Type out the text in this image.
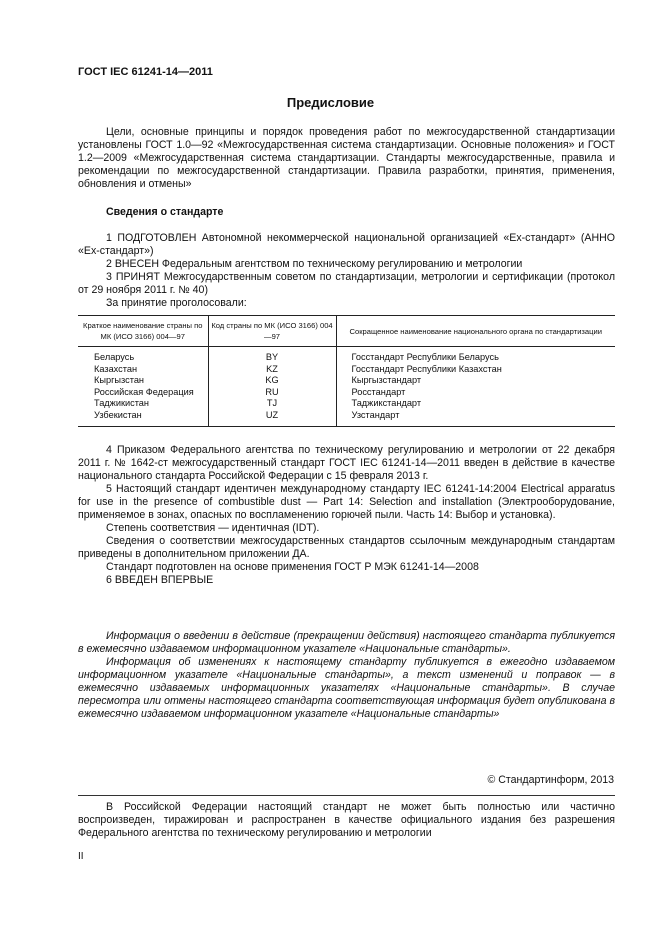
ГОСТ IEC 61241-14—2011
Предисловие

Цели, основные принципы и порядок проведения работ по межгосударственной стандартизации установлены ГОСТ 1.0—92 «Межгосударственная система стандартизации. Основные положения» и ГОСТ 1.2—2009 «Межгосударственная система стандартизации. Стандарты межгосударственные, правила и рекомендации по межгосударственной стандартизации. Правила разработки, принятия, применения, обновления и отмены»

Сведения о стандарте

1 ПОДГОТОВЛЕН Автономной некоммерческой национальной организацией «Ех-стандарт» (АННО «Ех-стандарт»)

2 ВНЕСЕН Федеральным агентством по техническому регулированию и метрологии

3 ПРИНЯТ Межгосударственным советом по стандартизации, метрологии и сертификации (протокол от 29 ноября 2011 г. № 40)

За принятие проголосовали:

Краткое наименование страны по МК (ИСО 3166) 004—97	Код страны по МК (ИСО 3166) 004—97	Сокращенное наименование национального органа по стандартизации
Беларусь	BY	Госстандарт Республики Беларусь
Казахстан	KZ	Госстандарт Республики Казахстан
Кыргызстан	KG	Кыргызстандарт
Российская Федерация	RU	Росстандарт
Таджикистан	TJ	Таджикстандарт
Узбекистан	UZ	Узстандарт

4 Приказом Федерального агентства по техническому регулированию и метрологии от 22 декабря 2011 г. № 1642-ст межгосударственный стандарт ГОСТ IEC 61241-14—2011 введен в действие в качестве национального стандарта Российской Федерации с 15 февраля 2013 г.

5 Настоящий стандарт идентичен международному стандарту IEC 61241-14:2004 Electrical apparatus for use in the presence of combustible dust — Part 14: Selection and installation (Электрооборудование, применяемое в зонах, опасных по воспламенению горючей пыли. Часть 14: Выбор и установка).

Степень соответствия — идентичная (IDT).

Сведения о соответствии межгосударственных стандартов ссылочным международным стандартам приведены в дополнительном приложении ДА.

Стандарт подготовлен на основе применения ГОСТ Р МЭК 61241-14—2008

6 ВВЕДЕН ВПЕРВЫЕ

Информация о введении в действие (прекращении действия) настоящего стандарта публикуется в ежемесячно издаваемом информационном указателе «Национальные стандарты».

Информация об изменениях к настоящему стандарту публикуется в ежегодно издаваемом информационном указателе «Национальные стандарты», а текст изменений и поправок — в ежемесячно издаваемых информационных указателях «Национальные стандарты». В случае пересмотра или отмены настоящего стандарта соответствующая информация будет опубликована в ежемесячно издаваемом информационном указателе «Национальные стандарты»

© Стандартинформ, 2013

В Российской Федерации настоящий стандарт не может быть полностью или частично воспроизведен, тиражирован и распространен в качестве официального издания без разрешения Федерального агентства по техническому регулированию и метрологии

II
